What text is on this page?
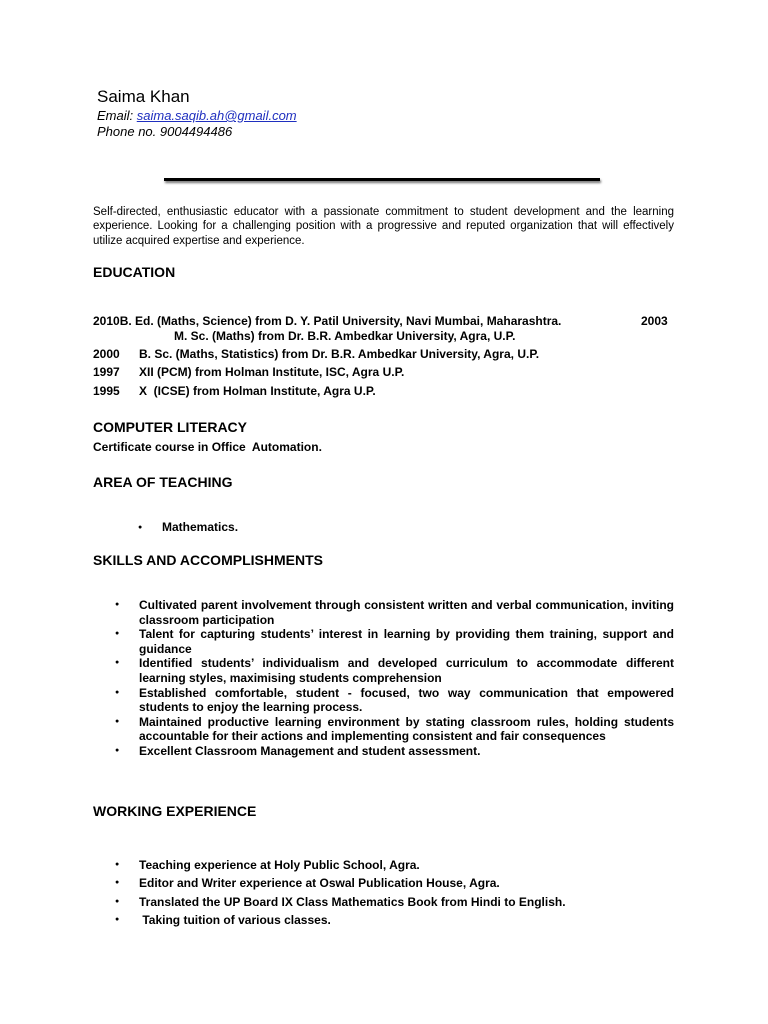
Saima Khan
Email: saima.saqib.ah@gmail.com
Phone no. 9004494486
Self-directed, enthusiastic educator with a passionate commitment to student development and the learning experience. Looking for a challenging position with a progressive and reputed organization that will effectively utilize acquired expertise and experience.
EDUCATION
2010B. Ed. (Maths, Science) from D. Y. Patil University, Navi Mumbai, Maharashtra.	2003
M. Sc. (Maths) from Dr. B.R. Ambedkar University, Agra, U.P.
2000 B. Sc. (Maths, Statistics) from Dr. B.R. Ambedkar University, Agra, U.P.
1997 XII (PCM) from Holman Institute, ISC, Agra U.P.
1995 X  (ICSE) from Holman Institute, Agra U.P.
COMPUTER LITERACY
Certificate course in Office  Automation.
AREA OF TEACHING
● Mathematics.
SKILLS AND ACCOMPLISHMENTS
● Cultivated parent involvement through consistent written and verbal communication, inviting classroom participation
● Talent for capturing students’ interest in learning by providing them training, support and guidance
● Identified students’ individualism and developed curriculum to accommodate different learning styles, maximising students comprehension
● Established comfortable, student - focused, two way communication that empowered students to enjoy the learning process.
● Maintained productive learning environment by stating classroom rules, holding students accountable for their actions and implementing consistent and fair consequences
● Excellent Classroom Management and student assessment.
WORKING EXPERIENCE
● Teaching experience at Holy Public School, Agra.
● Editor and Writer experience at Oswal Publication House, Agra.
● Translated the UP Board IX Class Mathematics Book from Hindi to English.
● Taking tuition of various classes.
